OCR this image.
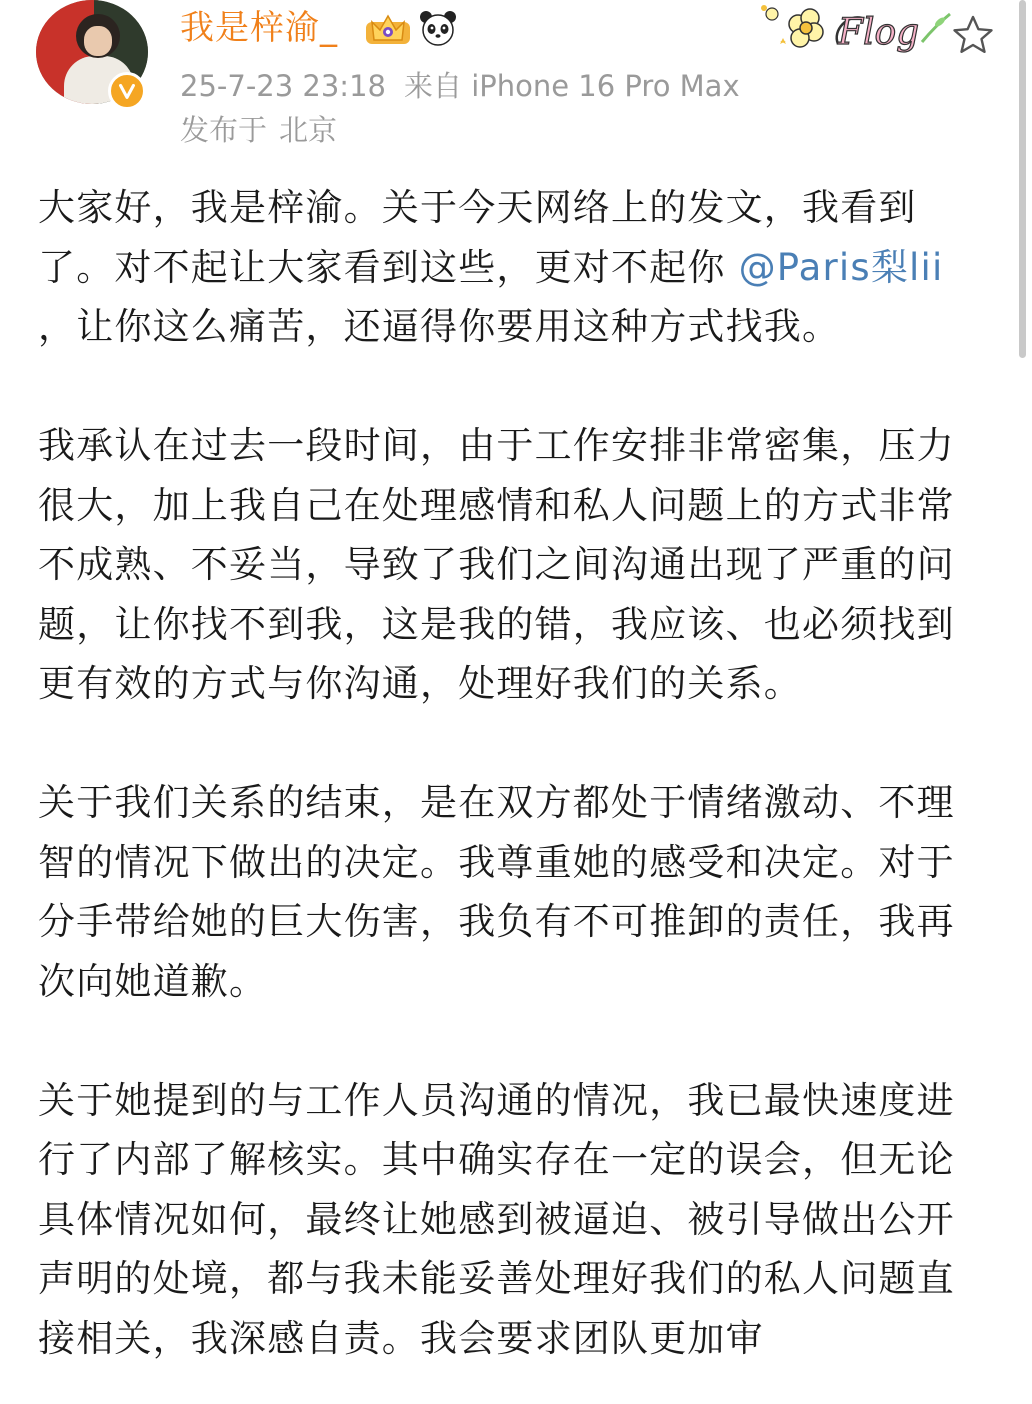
我是梓渝_
25-7-23 23:18 来自 iPhone 16 Pro Max
发布于 北京
Flog

大家好，我是梓渝。关于今天网络上的发文，我看到了。对不起让大家看到这些，更对不起你 @Paris梨lii ，让你这么痛苦，还逼得你要用这种方式找我。

我承认在过去一段时间，由于工作安排非常密集，压力很大，加上我自己在处理感情和私人问题上的方式非常不成熟、不妥当，导致了我们之间沟通出现了严重的问题，让你找不到我，这是我的错，我应该、也必须找到更有效的方式与你沟通，处理好我们的关系。

关于我们关系的结束，是在双方都处于情绪激动、不理智的情况下做出的决定。我尊重她的感受和决定。对于分手带给她的巨大伤害，我负有不可推卸的责任，我再次向她道歉。

关于她提到的与工作人员沟通的情况，我已最快速度进行了内部了解核实。其中确实存在一定的误会，但无论具体情况如何，最终让她感到被逼迫、被引导做出公开声明的处境，都与我未能妥善处理好我们的私人问题直接相关，我深感自责。我会要求团队更加审
